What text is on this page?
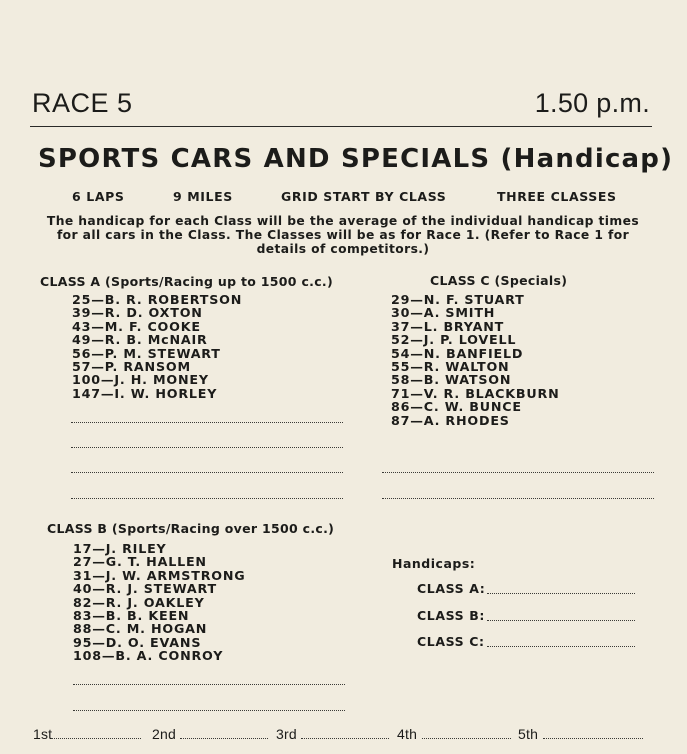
RACE 5	1.50 p.m.
SPORTS CARS AND SPECIALS (Handicap)
6 LAPS	9 MILES	GRID START BY CLASS	THREE CLASSES
The handicap for each Class will be the average of the individual handicap times for all cars in the Class. The Classes will be as for Race 1. (Refer to Race 1 for details of competitors.)
CLASS A (Sports/Racing up to 1500 c.c.)
25—B. R. ROBERTSON
39—R. D. OXTON
43—M. F. COOKE
49—R. B. McNAIR
56—P. M. STEWART
57—P. RANSOM
100—J. H. MONEY
147—I. W. HORLEY
CLASS C (Specials)
29—N. F. STUART
30—A. SMITH
37—L. BRYANT
52—J. P. LOVELL
54—N. BANFIELD
55—R. WALTON
58—B. WATSON
71—V. R. BLACKBURN
86—C. W. BUNCE
87—A. RHODES
CLASS B (Sports/Racing over 1500 c.c.)
17—J. RILEY
27—G. T. HALLEN
31—J. W. ARMSTRONG
40—R. J. STEWART
82—R. J. OAKLEY
83—B. B. KEEN
88—C. M. HOGAN
95—D. O. EVANS
108—B. A. CONROY
Handicaps:
CLASS A:
CLASS B:
CLASS C:
1st	2nd	3rd	4th	5th
